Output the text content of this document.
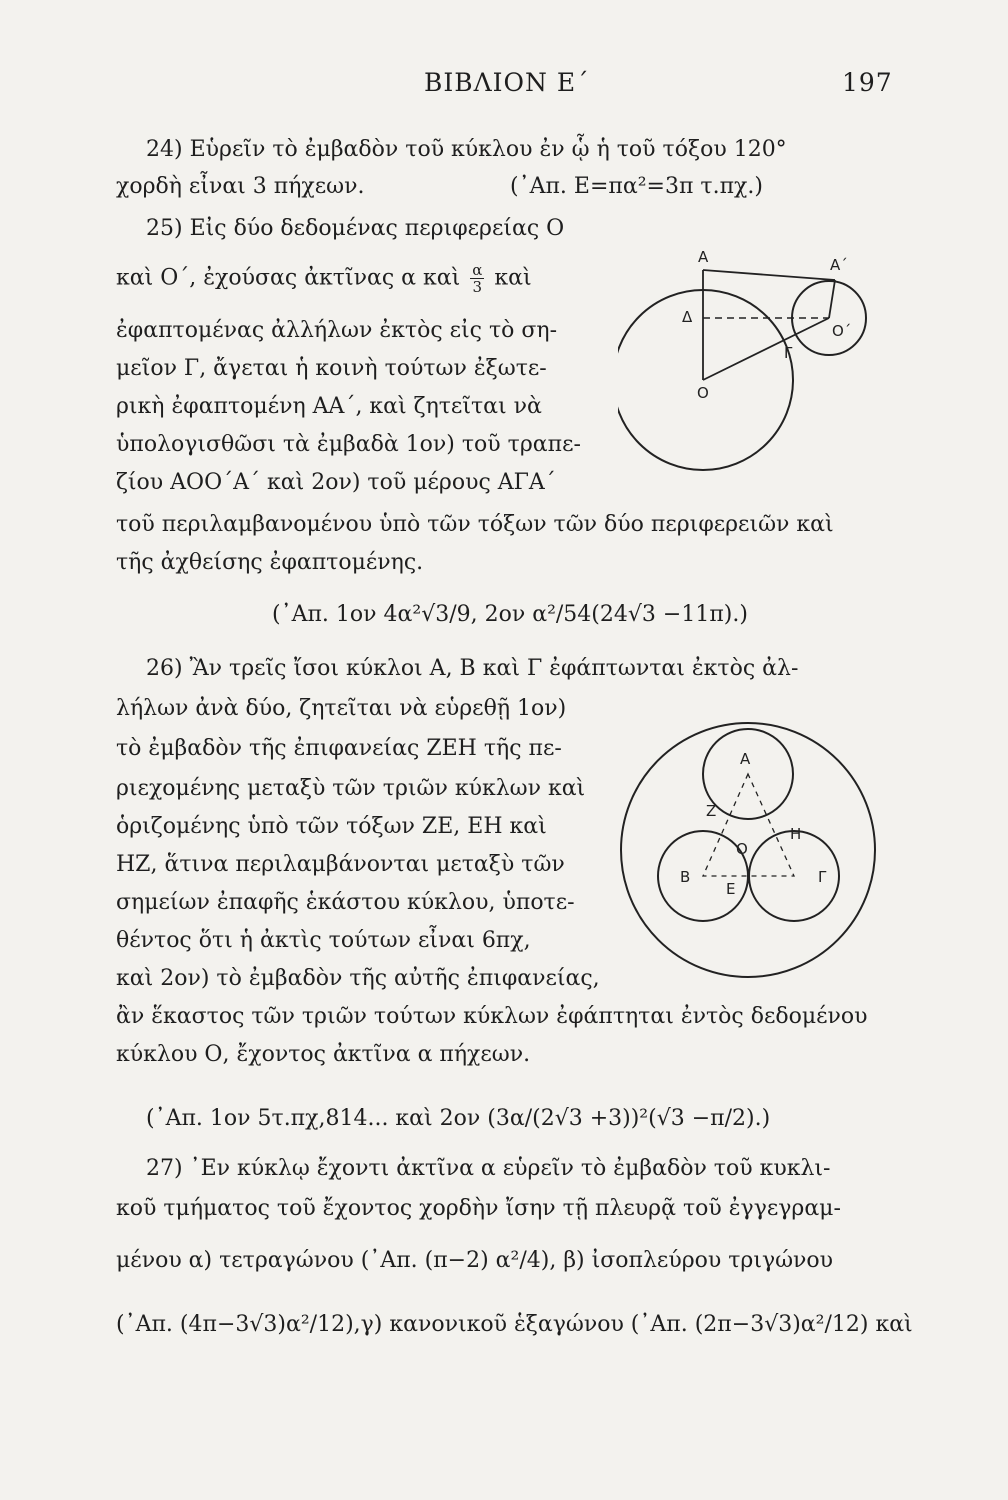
ΒΙΒΛΙΟΝ Ε΄	197
24) Εὑρεῖν τὸ ἐμβαδὸν τοῦ κύκλου ἐν ᾧ ἡ τοῦ τόξου 120°
χορδὴ εἶναι 3 πήχεων.	(᾿Απ. Ε=πα²=3π τ.πχ.)
25) Εἰς δύο δεδομένας περιφερείας Ο
καὶ Ο΄, ἐχούσας ἀκτῖνας α καὶ $\frac{\alpha}{3}$ καὶ
ἐφαπτομένας ἀλλήλων ἐκτὸς εἰς τὸ ση-
μεῖον Γ, ἄγεται ἡ κοινὴ τούτων ἐξωτε-
ρικὴ ἐφαπτομένη ΑΑ΄, καὶ ζητεῖται νὰ
ὑπολογισθῶσι τὰ ἐμβαδὰ 1ον) τοῦ τραπε-
ζίου ΑΟΟ΄Α΄ καὶ 2ον) τοῦ μέρους ΑΓΑ΄
τοῦ περιλαμβανομένου ὑπὸ τῶν τόξων τῶν δύο περιφερειῶν καὶ
τῆς ἀχθείσης ἐφαπτομένης.
(᾿Απ. 1ον 4α²√3/9, 2ον α²/54(24√3 −11π).)
Α	Α΄
Δ
Ο΄
Γ
Ο
26) Ἂν τρεῖς ἴσοι κύκλοι Α, Β καὶ Γ ἐφάπτωνται ἐκτὸς ἀλ-
λήλων ἀνὰ δύο, ζητεῖται νὰ εὑρεθῇ 1ον)
τὸ ἐμβαδὸν τῆς ἐπιφανείας ΖΕΗ τῆς πε-
ριεχομένης μεταξὺ τῶν τριῶν κύκλων καὶ
ὁριζομένης ὑπὸ τῶν τόξων ΖΕ, ΕΗ καὶ
ΗΖ, ἅτινα περιλαμβάνονται μεταξὺ τῶν
σημείων ἐπαφῆς ἑκάστου κύκλου, ὑποτε-
θέντος ὅτι ἡ ἀκτὶς τούτων εἶναι 6πχ,
καὶ 2ον) τὸ ἐμβαδὸν τῆς αὐτῆς ἐπιφανείας,
ἂν ἕκαστος τῶν τριῶν τούτων κύκλων ἐφάπτηται ἐντὸς δεδομένου
κύκλου Ο, ἔχοντος ἀκτῖνα α πήχεων.
(᾿Απ. 1ον 5τ.πχ,814... καὶ 2ον (3α/(2√3 +3))²(√3 −π/2).)
Α
Ζ
Ο
Η
Β
Ε
Γ
27) ᾿Εν κύκλῳ ἔχοντι ἀκτῖνα α εὑρεῖν τὸ ἐμβαδὸν τοῦ κυκλι-
κοῦ τμήματος τοῦ ἔχοντος χορδὴν ἴσην τῇ πλευρᾷ τοῦ ἐγγεγραμ-
μένου α) τετραγώνου (᾿Απ. (π−2) α²/4), β) ἰσοπλεύρου τριγώνου
(᾿Απ. (4π−3√3)α²/12),γ) κανονικοῦ ἑξαγώνου (᾿Απ. (2π−3√3)α²/12) καὶ
